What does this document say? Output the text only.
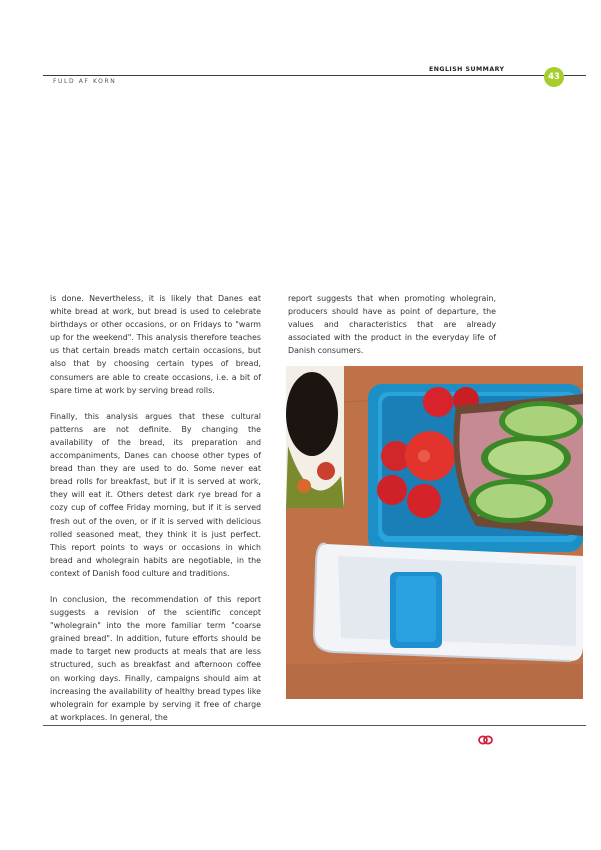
FULD AF KORN
ENGLISH SUMMARY
43

is done. Nevertheless, it is likely that Danes eat white bread at work, but bread is used to celebrate birthdays or other occasions, or on Fridays to "warm up for the weekend". This analysis therefore teaches us that certain breads match certain occasions, but also that by choosing certain types of bread, consumers are able to create occasions, i.e. a bit of spare time at work by serving bread rolls.

Finally, this analysis argues that these cultural patterns are not definite. By changing the availability of the bread, its preparation and accompaniments, Danes can choose other types of bread than they are used to do. Some never eat bread rolls for breakfast, but if it is served at work, they will eat it. Others detest dark rye bread for a cozy cup of coffee Friday morning, but if it is served fresh out of the oven, or if it is served with delicious rolled seasoned meat, they think it is just perfect. This report points to ways or occasions in which bread and wholegrain habits are negotiable, in the context of Danish food culture and traditions.

In conclusion, the recommendation of this report suggests a revision of the scientific concept "wholegrain" into the more familiar term "coarse grained bread". In addition, future efforts should be made to target new products at meals that are less structured, such as breakfast and afternoon coffee on working days. Finally, campaigns should aim at increasing the availability of healthy bread types like wholegrain for example by serving it free of charge at workplaces. In general, the

report suggests that when promoting wholegrain, producers should have as point of departure, the values and characteristics that are already associated with the product in the everyday life of Danish consumers.
